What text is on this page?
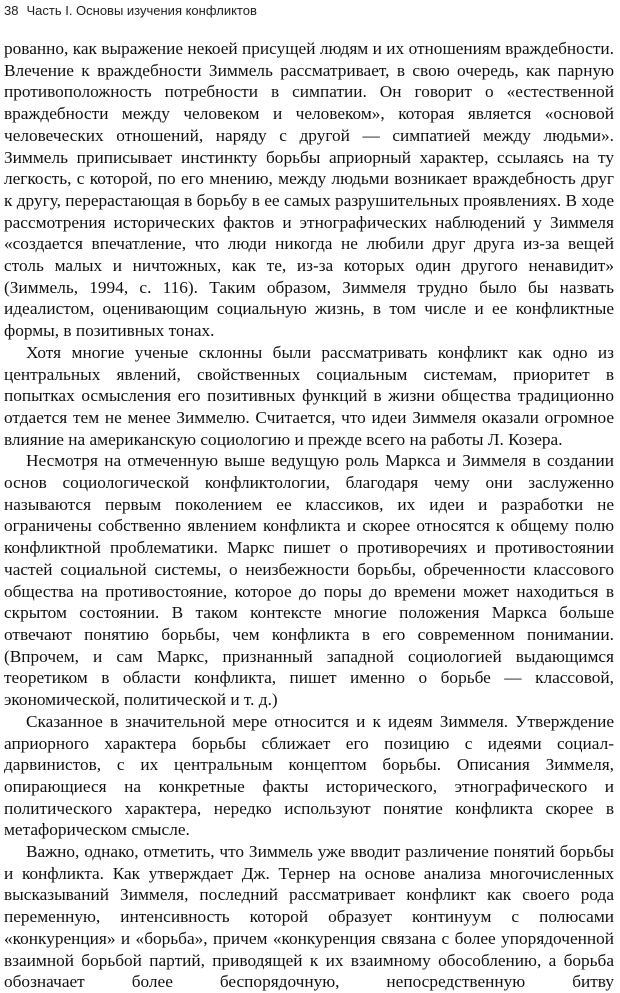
38 Часть I. Основы изучения конфликтов

рованно, как выражение некоей присущей людям и их отношениям враждебности. Влечение к враждебности Зиммель рассматривает, в свою очередь, как парную противоположность потребности в симпатии. Он говорит о «естественной враждебности между человеком и человеком», которая является «основой человеческих отношений, наряду с другой — симпатией между людьми». Зиммель приписывает инстинкту борьбы априорный характер, ссылаясь на ту легкость, с которой, по его мнению, между людьми возникает враждебность друг к другу, перерастающая в борьбу в ее самых разрушительных проявлениях. В ходе рассмотрения исторических фактов и этнографических наблюдений у Зиммеля «создается впечатление, что люди никогда не любили друг друга из-за вещей столь малых и ничтожных, как те, из-за которых один другого ненавидит» (Зиммель, 1994, с. 116). Таким образом, Зиммеля трудно было бы назвать идеалистом, оценивающим социальную жизнь, в том числе и ее конфликтные формы, в позитивных тонах.

Хотя многие ученые склонны были рассматривать конфликт как одно из центральных явлений, свойственных социальным системам, приоритет в попытках осмысления его позитивных функций в жизни общества традиционно отдается тем не менее Зиммелю. Считается, что идеи Зиммеля оказали огромное влияние на американскую социологию и прежде всего на работы Л. Козера.

Несмотря на отмеченную выше ведущую роль Маркса и Зиммеля в создании основ социологической конфликтологии, благодаря чему они заслуженно называются первым поколением ее классиков, их идеи и разработки не ограничены собственно явлением конфликта и скорее относятся к общему полю конфликтной проблематики. Маркс пишет о противоречиях и противостоянии частей социальной системы, о неизбежности борьбы, обреченности классового общества на противостояние, которое до поры до времени может находиться в скрытом состоянии. В таком контексте многие положения Маркса больше отвечают понятию борьбы, чем конфликта в его современном понимании. (Впрочем, и сам Маркс, признанный западной социологией выдающимся теоретиком в области конфликта, пишет именно о борьбе — классовой, экономической, политической и т. д.)

Сказанное в значительной мере относится и к идеям Зиммеля. Утверждение априорного характера борьбы сближает его позицию с идеями социал-дарвинистов, с их центральным концептом борьбы. Описания Зиммеля, опирающиеся на конкретные факты исторического, этнографического и политического характера, нередко используют понятие конфликта скорее в метафорическом смысле.

Важно, однако, отметить, что Зиммель уже вводит различение понятий борьбы и конфликта. Как утверждает Дж. Тернер на основе анализа многочисленных высказываний Зиммеля, последний рассматривает конфликт как своего рода переменную, интенсивность которой образует континуум с полюсами «конкуренция» и «борьба», причем «конкуренция связана с более упорядоченной взаимной борьбой партий, приводящей к их взаимному обособлению, а борьба обозначает более беспорядочную, непосредственную битву
